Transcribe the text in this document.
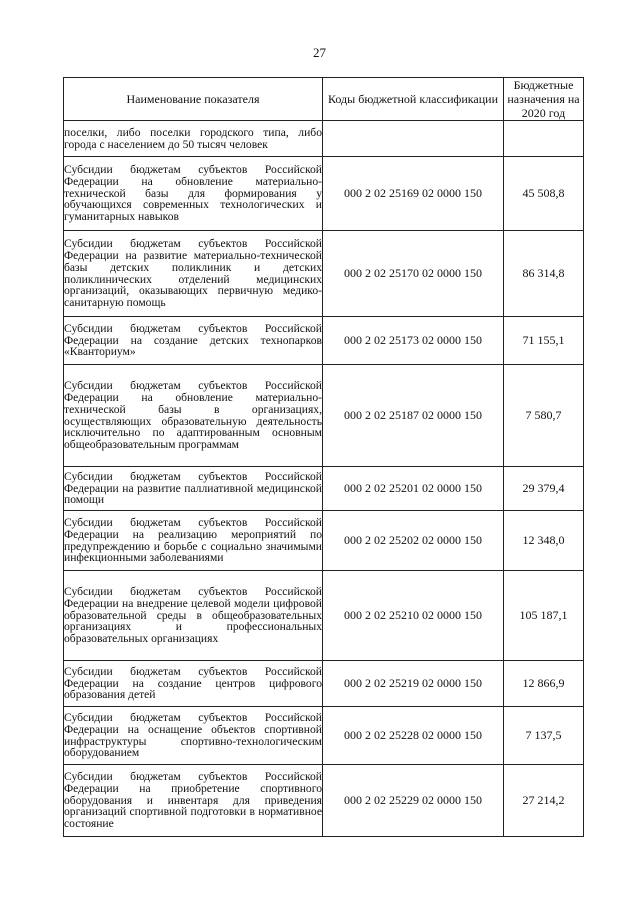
27
Наименование показателя	Коды бюджетной классификации	Бюджетные назначения на 2020 год
поселки, либо поселки городского типа, либо города с населением до 50 тысяч человек		
Субсидии бюджетам субъектов Российской Федерации на обновление материально-технической базы для формирования у обучающихся современных технологических и гуманитарных навыков	000 2 02 25169 02 0000 150	45 508,8
Субсидии бюджетам субъектов Российской Федерации на развитие материально-технической базы детских поликлиник и детских поликлинических отделений медицинских организаций, оказывающих первичную медико-санитарную помощь	000 2 02 25170 02 0000 150	86 314,8
Субсидии бюджетам субъектов Российской Федерации на создание детских технопарков «Кванториум»	000 2 02 25173 02 0000 150	71 155,1
Субсидии бюджетам субъектов Российской Федерации на обновление материально-технической базы в организациях, осуществляющих образовательную деятельность исключительно по адаптированным основным общеобразовательным программам	000 2 02 25187 02 0000 150	7 580,7
Субсидии бюджетам субъектов Российской Федерации на развитие паллиативной медицинской помощи	000 2 02 25201 02 0000 150	29 379,4
Субсидии бюджетам субъектов Российской Федерации на реализацию мероприятий по предупреждению и борьбе с социально значимыми инфекционными заболеваниями	000 2 02 25202 02 0000 150	12 348,0
Субсидии бюджетам субъектов Российской Федерации на внедрение целевой модели цифровой образовательной среды в общеобразовательных организациях и профессиональных образовательных организациях	000 2 02 25210 02 0000 150	105 187,1
Субсидии бюджетам субъектов Российской Федерации на создание центров цифрового образования детей	000 2 02 25219 02 0000 150	12 866,9
Субсидии бюджетам субъектов Российской Федерации на оснащение объектов спортивной инфраструктуры спортивно-технологическим оборудованием	000 2 02 25228 02 0000 150	7 137,5
Субсидии бюджетам субъектов Российской Федерации на приобретение спортивного оборудования и инвентаря для приведения организаций спортивной подготовки в нормативное состояние	000 2 02 25229 02 0000 150	27 214,2
